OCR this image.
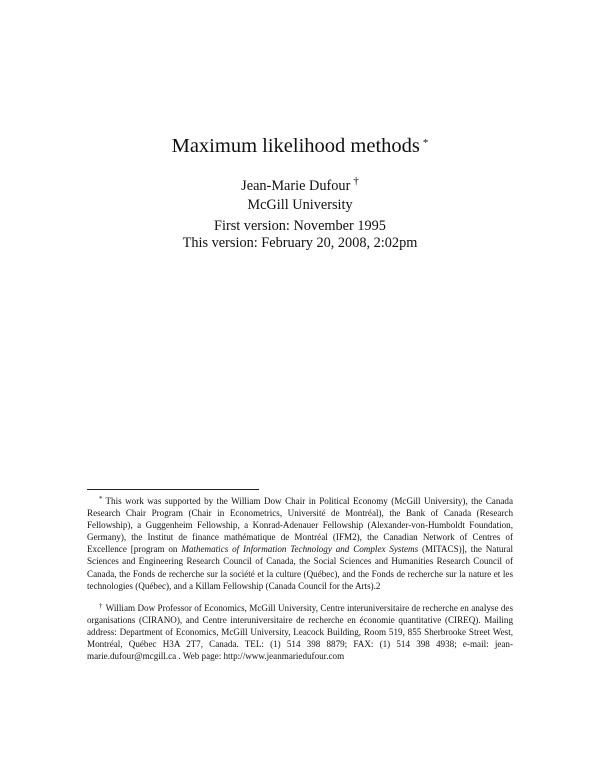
Maximum likelihood methods *
Jean-Marie Dufour †
McGill University
First version: November 1995
This version: February 20, 2008, 2:02pm

* This work was supported by the William Dow Chair in Political Economy (McGill University), the Canada Research Chair Program (Chair in Econometrics, Université de Montréal), the Bank of Canada (Research Fellowship), a Guggenheim Fellowship, a Konrad-Adenauer Fellowship (Alexander-von-Humboldt Foundation, Germany), the Institut de finance mathématique de Montréal (IFM2), the Canadian Network of Centres of Excellence [program on Mathematics of Information Technology and Complex Systems (MITACS)], the Natural Sciences and Engineering Research Council of Canada, the Social Sciences and Humanities Research Council of Canada, the Fonds de recherche sur la société et la culture (Québec), and the Fonds de recherche sur la nature et les technologies (Québec), and a Killam Fellowship (Canada Council for the Arts).2

† William Dow Professor of Economics, McGill University, Centre interuniversitaire de recherche en analyse des organisations (CIRANO), and Centre interuniversitaire de recherche en économie quantitative (CIREQ). Mailing address: Department of Economics, McGill University, Leacock Building, Room 519, 855 Sherbrooke Street West, Montréal, Québec H3A 2T7, Canada. TEL: (1) 514 398 8879; FAX: (1) 514 398 4938; e-mail: jean-marie.dufour@mcgill.ca . Web page: http://www.jeanmariedufour.com
